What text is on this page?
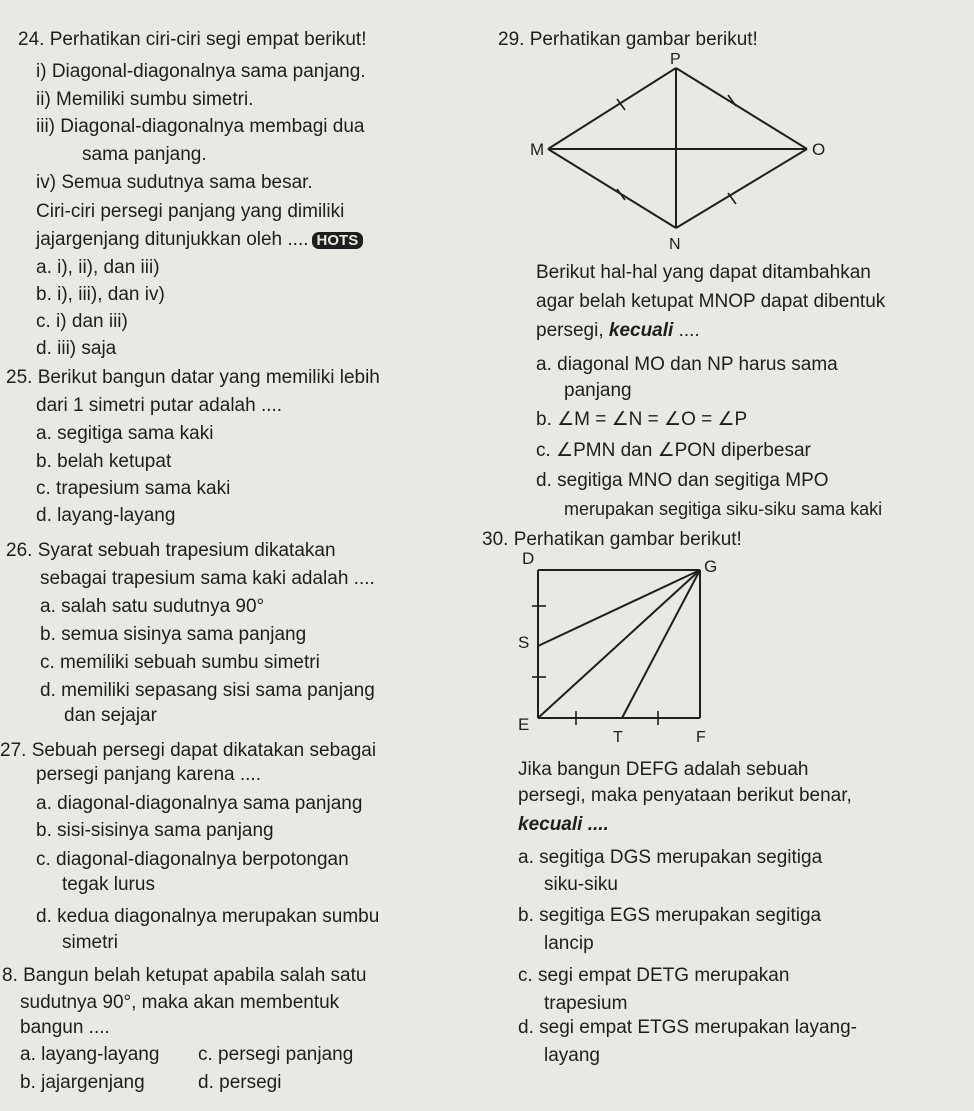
24. Perhatikan ciri-ciri segi empat berikut!
i) Diagonal-diagonalnya sama panjang.
ii) Memiliki sumbu simetri.
iii) Diagonal-diagonalnya membagi dua
sama panjang.
iv) Semua sudutnya sama besar.
Ciri-ciri persegi panjang yang dimiliki
jajargenjang ditunjukkan oleh .... HOTS
a. i), ii), dan iii)
b. i), iii), dan iv)
c. i) dan iii)
d. iii) saja
25. Berikut bangun datar yang memiliki lebih
dari 1 simetri putar adalah ....
a. segitiga sama kaki
b. belah ketupat
c. trapesium sama kaki
d. layang-layang
26. Syarat sebuah trapesium dikatakan
sebagai trapesium sama kaki adalah ....
a. salah satu sudutnya 90°
b. semua sisinya sama panjang
c. memiliki sebuah sumbu simetri
d. memiliki sepasang sisi sama panjang
dan sejajar
27. Sebuah persegi dapat dikatakan sebagai
persegi panjang karena ....
a. diagonal-diagonalnya sama panjang
b. sisi-sisinya sama panjang
c. diagonal-diagonalnya berpotongan
tegak lurus
d. kedua diagonalnya merupakan sumbu
simetri
8. Bangun belah ketupat apabila salah satu
sudutnya 90°, maka akan membentuk
bangun ....
a. layang-layang c. persegi panjang
b. jajargenjang	d. persegi
29. Perhatikan gambar berikut!
P
M	O
N
Berikut hal-hal yang dapat ditambahkan
agar belah ketupat MNOP dapat dibentuk
persegi, kecuali ....
a. diagonal MO dan NP harus sama
panjang
b. ∠M = ∠N = ∠O = ∠P
c. ∠PMN dan ∠PON diperbesar
d. segitiga MNO dan segitiga MPO
merupakan segitiga siku-siku sama kaki
30. Perhatikan gambar berikut!
D	G
S
E
T	F
Jika bangun DEFG adalah sebuah
persegi, maka penyataan berikut benar,
kecuali ....
a. segitiga DGS merupakan segitiga
siku-siku
b. segitiga EGS merupakan segitiga
lancip
c. segi empat DETG merupakan
trapesium
d. segi empat ETGS merupakan layang-
layang
